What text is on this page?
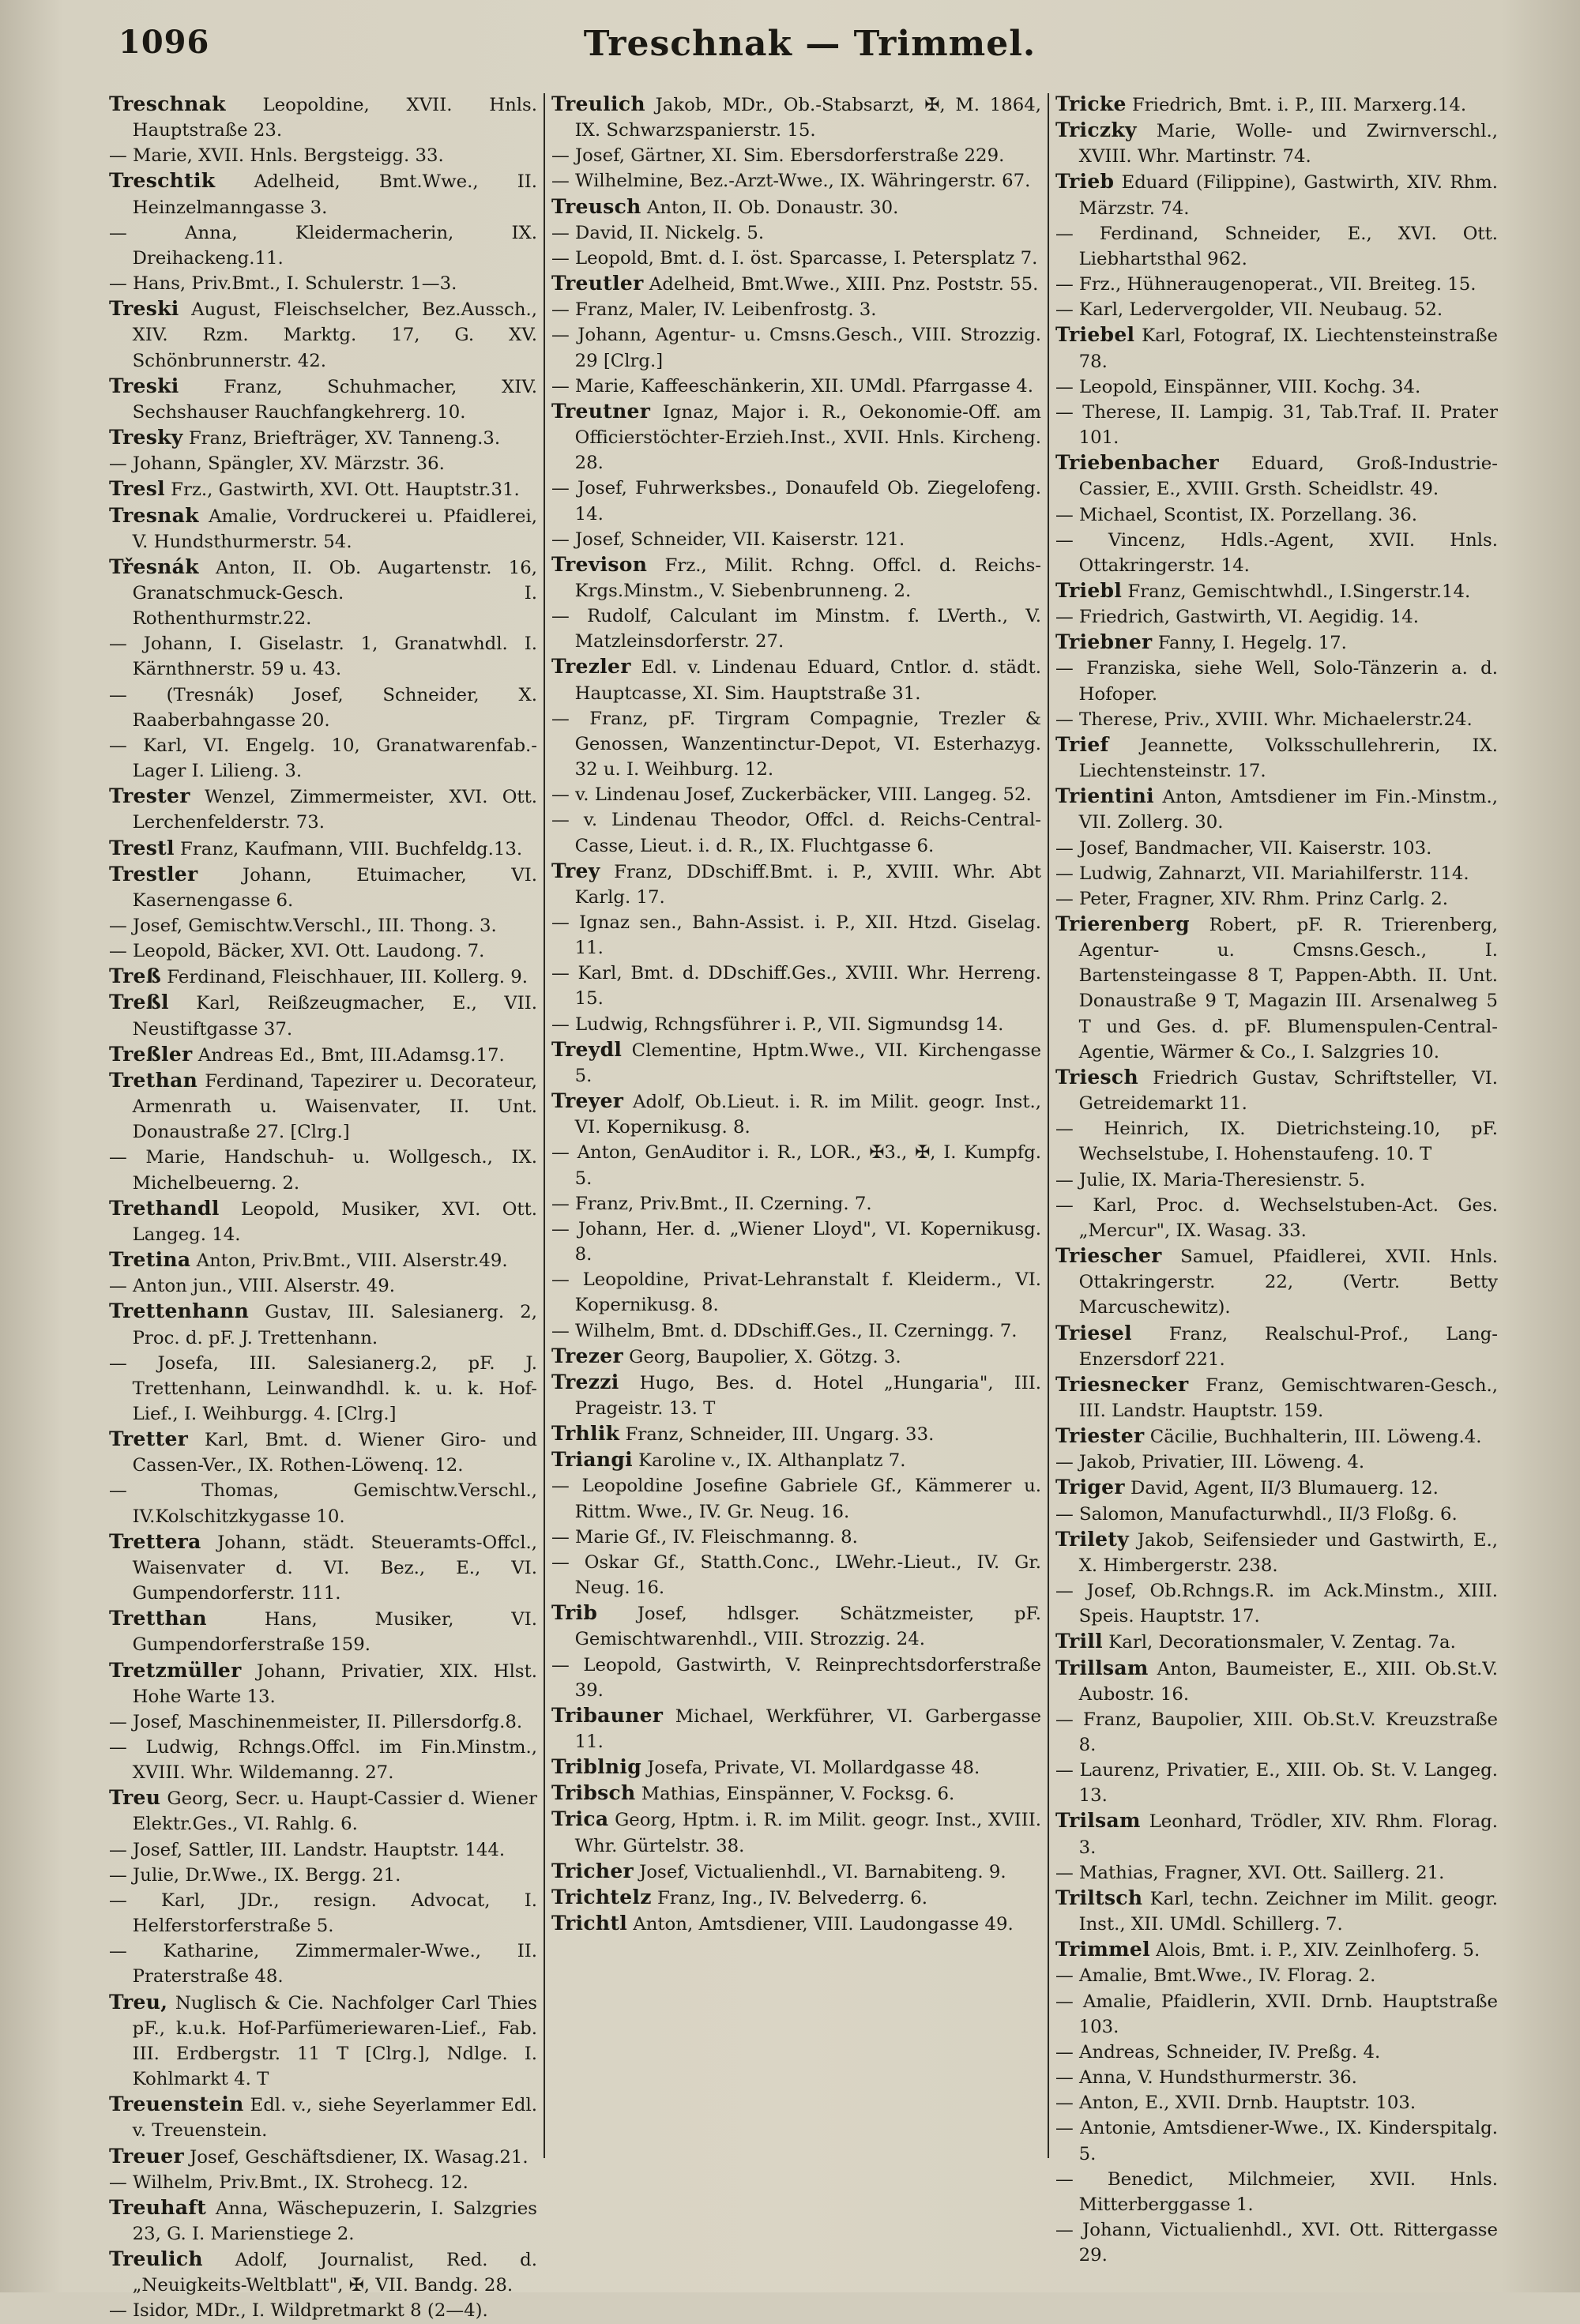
1096	Treschnak — Trimmel.
Treschnak Leopoldine, XVII. Hnls. Hauptstraße 23.
— Marie, XVII. Hnls. Bergsteigg. 33.
Treschtik Adelheid, Bmt.Wwe., II. Heinzelmanngasse 3.
— Anna, Kleidermacherin, IX. Dreihackeng.11.
— Hans, Priv.Bmt., I. Schulerstr. 1—3.
Treski August, Fleischselcher, Bez.Aussch., XIV. Rzm. Marktg. 17, G. XV. Schönbrunnerstr. 42.
Treski Franz, Schuhmacher, XIV. Sechshauser Rauchfangkehrerg. 10.
Tresky Franz, Briefträger, XV. Tanneng.3.
— Johann, Spängler, XV. Märzstr. 36.
Tresl Frz., Gastwirth, XVI. Ott. Hauptstr.31.
Tresnak Amalie, Vordruckerei u. Pfaidlerei, V. Hundsthurmerstr. 54.
Třesnák Anton, II. Ob. Augartenstr. 16, Granatschmuck-Gesch. I. Rothenthurmstr.22.
— Johann, I. Giselastr. 1, Granatwhdl. I. Kärnthnerstr. 59 u. 43.
— (Tresnák) Josef, Schneider, X. Raaberbahngasse 20.
— Karl, VI. Engelg. 10, Granatwarenfab.-Lager I. Lilieng. 3.
Trester Wenzel, Zimmermeister, XVI. Ott. Lerchenfelderstr. 73.
Trestl Franz, Kaufmann, VIII. Buchfeldg.13.
Trestler Johann, Etuimacher, VI. Kasernengasse 6.
— Josef, Gemischtw.Verschl., III. Thong. 3.
— Leopold, Bäcker, XVI. Ott. Laudong. 7.
Treß Ferdinand, Fleischhauer, III. Kollerg. 9.
Treßl Karl, Reißzeugmacher, E., VII. Neustiftgasse 37.
Treßler Andreas Ed., Bmt, III.Adamsg.17.
Trethan Ferdinand, Tapezirer u. Decorateur, Armenrath u. Waisenvater, II. Unt. Donaustraße 27. [Clrg.]
— Marie, Handschuh- u. Wollgesch., IX. Michelbeuerng. 2.
Trethandl Leopold, Musiker, XVI. Ott. Langeg. 14.
Tretina Anton, Priv.Bmt., VIII. Alserstr.49.
— Anton jun., VIII. Alserstr. 49.
Trettenhann Gustav, III. Salesianerg. 2, Proc. d. pF. J. Trettenhann.
— Josefa, III. Salesianerg.2, pF. J. Trettenhann, Leinwandhdl. k. u. k. Hof-Lief., I. Weihburgg. 4. [Clrg.]
Tretter Karl, Bmt. d. Wiener Giro- und Cassen-Ver., IX. Rothen-Löwenq. 12.
— Thomas, Gemischtw.Verschl., IV.Kolschitzkygasse 10.
Trettera Johann, städt. Steueramts-Offcl., Waisenvater d. VI. Bez., E., VI. Gumpendorferstr. 111.
Tretthan Hans, Musiker, VI. Gumpendorferstraße 159.
Tretzmüller Johann, Privatier, XIX. Hlst. Hohe Warte 13.
— Josef, Maschinenmeister, II. Pillersdorfg.8.
— Ludwig, Rchngs.Offcl. im Fin.Minstm., XVIII. Whr. Wildemanng. 27.
Treu Georg, Secr. u. Haupt-Cassier d. Wiener Elektr.Ges., VI. Rahlg. 6.
— Josef, Sattler, III. Landstr. Hauptstr. 144.
— Julie, Dr.Wwe., IX. Bergg. 21.
— Karl, JDr., resign. Advocat, I. Helferstorferstraße 5.
— Katharine, Zimmermaler-Wwe., II. Praterstraße 48.
Treu, Nuglisch & Cie. Nachfolger Carl Thies pF., k.u.k. Hof-Parfümeriewaren-Lief., Fab. III. Erdbergstr. 11 T [Clrg.], Ndlge. I. Kohlmarkt 4. T
Treuenstein Edl. v., siehe Seyerlammer Edl. v. Treuenstein.
Treuer Josef, Geschäftsdiener, IX. Wasag.21.
— Wilhelm, Priv.Bmt., IX. Strohecg. 12.
Treuhaft Anna, Wäschepuzerin, I. Salzgries 23, G. I. Marienstiege 2.
Treulich Adolf, Journalist, Red. d. „Neuigkeits-Weltblatt", ✠, VII. Bandg. 28.
— Isidor, MDr., I. Wildpretmarkt 8 (2—4).
Treulich Jakob, MDr., Ob.-Stabsarzt, ✠, M. 1864, IX. Schwarzspanierstr. 15.
— Josef, Gärtner, XI. Sim. Ebersdorferstraße 229.
— Wilhelmine, Bez.-Arzt-Wwe., IX. Währingerstr. 67.
Treusch Anton, II. Ob. Donaustr. 30.
— David, II. Nickelg. 5.
— Leopold, Bmt. d. I. öst. Sparcasse, I. Petersplatz 7.
Treutler Adelheid, Bmt.Wwe., XIII. Pnz. Poststr. 55.
— Franz, Maler, IV. Leibenfrostg. 3.
— Johann, Agentur- u. Cmsns.Gesch., VIII. Strozzig. 29 [Clrg.]
— Marie, Kaffeeschänkerin, XII. UMdl. Pfarrgasse 4.
Treutner Ignaz, Major i. R., Oekonomie-Off. am Officierstöchter-Erzieh.Inst., XVII. Hnls. Kircheng. 28.
— Josef, Fuhrwerksbes., Donaufeld Ob. Ziegelofeng. 14.
— Josef, Schneider, VII. Kaiserstr. 121.
Trevison Frz., Milit. Rchng. Offcl. d. Reichs-Krgs.Minstm., V. Siebenbrunneng. 2.
— Rudolf, Calculant im Minstm. f. LVerth., V. Matzleinsdorferstr. 27.
Trezler Edl. v. Lindenau Eduard, Cntlor. d. städt. Hauptcasse, XI. Sim. Hauptstraße 31.
— Franz, pF. Tirgram Compagnie, Trezler & Genossen, Wanzentinctur-Depot, VI. Esterhazyg. 32 u. I. Weihburg. 12.
— v. Lindenau Josef, Zuckerbäcker, VIII. Langeg. 52.
— v. Lindenau Theodor, Offcl. d. Reichs-Central-Casse, Lieut. i. d. R., IX. Fluchtgasse 6.
Trey Franz, DDschiff.Bmt. i. P., XVIII. Whr. Abt Karlg. 17.
— Ignaz sen., Bahn-Assist. i. P., XII. Htzd. Giselag. 11.
— Karl, Bmt. d. DDschiff.Ges., XVIII. Whr. Herreng. 15.
— Ludwig, Rchngsführer i. P., VII. Sigmundsg 14.
Treydl Clementine, Hptm.Wwe., VII. Kirchengasse 5.
Treyer Adolf, Ob.Lieut. i. R. im Milit. geogr. Inst., VI. Kopernikusg. 8.
— Anton, GenAuditor i. R., LOR., ✠3., ✠, I. Kumpfg. 5.
— Franz, Priv.Bmt., II. Czerning. 7.
— Johann, Her. d. „Wiener Lloyd", VI. Kopernikusg. 8.
— Leopoldine, Privat-Lehranstalt f. Kleiderm., VI. Kopernikusg. 8.
— Wilhelm, Bmt. d. DDschiff.Ges., II. Czerningg. 7.
Trezer Georg, Baupolier, X. Götzg. 3.
Trezzi Hugo, Bes. d. Hotel „Hungaria", III. Prageistr. 13. T
Trhlik Franz, Schneider, III. Ungarg. 33.
Triangi Karoline v., IX. Althanplatz 7.
— Leopoldine Josefine Gabriele Gf., Kämmerer u. Rittm. Wwe., IV. Gr. Neug. 16.
— Marie Gf., IV. Fleischmanng. 8.
— Oskar Gf., Statth.Conc., LWehr.-Lieut., IV. Gr. Neug. 16.
Trib Josef, hdlsger. Schätzmeister, pF. Gemischtwarenhdl., VIII. Strozzig. 24.
— Leopold, Gastwirth, V. Reinprechtsdorferstraße 39.
Tribauner Michael, Werkführer, VI. Garbergasse 11.
Triblnig Josefa, Private, VI. Mollardgasse 48.
Tribsch Mathias, Einspänner, V. Focksg. 6.
Trica Georg, Hptm. i. R. im Milit. geogr. Inst., XVIII. Whr. Gürtelstr. 38.
Tricher Josef, Victualienhdl., VI. Barnabiteng. 9.
Trichtelz Franz, Ing., IV. Belvederrg. 6.
Trichtl Anton, Amtsdiener, VIII. Laudongasse 49.
Tricke Friedrich, Bmt. i. P., III. Marxerg.14.
Triczky Marie, Wolle- und Zwirnverschl., XVIII. Whr. Martinstr. 74.
Trieb Eduard (Filippine), Gastwirth, XIV. Rhm. Märzstr. 74.
— Ferdinand, Schneider, E., XVI. Ott. Liebhartsthal 962.
— Frz., Hühneraugenoperat., VII. Breiteg. 15.
— Karl, Ledervergolder, VII. Neubaug. 52.
Triebel Karl, Fotograf, IX. Liechtensteinstraße 78.
— Leopold, Einspänner, VIII. Kochg. 34.
— Therese, II. Lampig. 31, Tab.Traf. II. Prater 101.
Triebenbacher Eduard, Groß-Industrie-Cassier, E., XVIII. Grsth. Scheidlstr. 49.
— Michael, Scontist, IX. Porzellang. 36.
— Vincenz, Hdls.-Agent, XVII. Hnls. Ottakringerstr. 14.
Triebl Franz, Gemischtwhdl., I.Singerstr.14.
— Friedrich, Gastwirth, VI. Aegidig. 14.
Triebner Fanny, I. Hegelg. 17.
— Franziska, siehe Well, Solo-Tänzerin a. d. Hofoper.
— Therese, Priv., XVIII. Whr. Michaelerstr.24.
Trief Jeannette, Volksschullehrerin, IX. Liechtensteinstr. 17.
Trientini Anton, Amtsdiener im Fin.-Minstm., VII. Zollerg. 30.
— Josef, Bandmacher, VII. Kaiserstr. 103.
— Ludwig, Zahnarzt, VII. Mariahilferstr. 114.
— Peter, Fragner, XIV. Rhm. Prinz Carlg. 2.
Trierenberg Robert, pF. R. Trierenberg, Agentur- u. Cmsns.Gesch., I. Bartensteingasse 8 T, Pappen-Abth. II. Unt. Donaustraße 9 T, Magazin III. Arsenalweg 5 T und Ges. d. pF. Blumenspulen-Central-Agentie, Wärmer & Co., I. Salzgries 10.
Triesch Friedrich Gustav, Schriftsteller, VI. Getreidemarkt 11.
— Heinrich, IX. Dietrichsteing.10, pF. Wechselstube, I. Hohenstaufeng. 10. T
— Julie, IX. Maria-Theresienstr. 5.
— Karl, Proc. d. Wechselstuben-Act. Ges. „Mercur", IX. Wasag. 33.
Triescher Samuel, Pfaidlerei, XVII. Hnls. Ottakringerstr. 22, (Vertr. Betty Marcuschewitz).
Triesel Franz, Realschul-Prof., Lang-Enzersdorf 221.
Triesnecker Franz, Gemischtwaren-Gesch., III. Landstr. Hauptstr. 159.
Triester Cäcilie, Buchhalterin, III. Löweng.4.
— Jakob, Privatier, III. Löweng. 4.
Triger David, Agent, II/3 Blumauerg. 12.
— Salomon, Manufacturwhdl., II/3 Floßg. 6.
Trilety Jakob, Seifensieder und Gastwirth, E., X. Himbergerstr. 238.
— Josef, Ob.Rchngs.R. im Ack.Minstm., XIII. Speis. Hauptstr. 17.
Trill Karl, Decorationsmaler, V. Zentag. 7a.
Trillsam Anton, Baumeister, E., XIII. Ob.St.V. Aubostr. 16.
— Franz, Baupolier, XIII. Ob.St.V. Kreuzstraße 8.
— Laurenz, Privatier, E., XIII. Ob. St. V. Langeg. 13.
Trilsam Leonhard, Trödler, XIV. Rhm. Florag. 3.
— Mathias, Fragner, XVI. Ott. Saillerg. 21.
Triltsch Karl, techn. Zeichner im Milit. geogr. Inst., XII. UMdl. Schillerg. 7.
Trimmel Alois, Bmt. i. P., XIV. Zeinlhoferg. 5.
— Amalie, Bmt.Wwe., IV. Florag. 2.
— Amalie, Pfaidlerin, XVII. Drnb. Hauptstraße 103.
— Andreas, Schneider, IV. Preßg. 4.
— Anna, V. Hundsthurmerstr. 36.
— Anton, E., XVII. Drnb. Hauptstr. 103.
— Antonie, Amtsdiener-Wwe., IX. Kinderspitalg. 5.
— Benedict, Milchmeier, XVII. Hnls. Mitterberggasse 1.
— Johann, Victualienhdl., XVI. Ott. Rittergasse 29.
